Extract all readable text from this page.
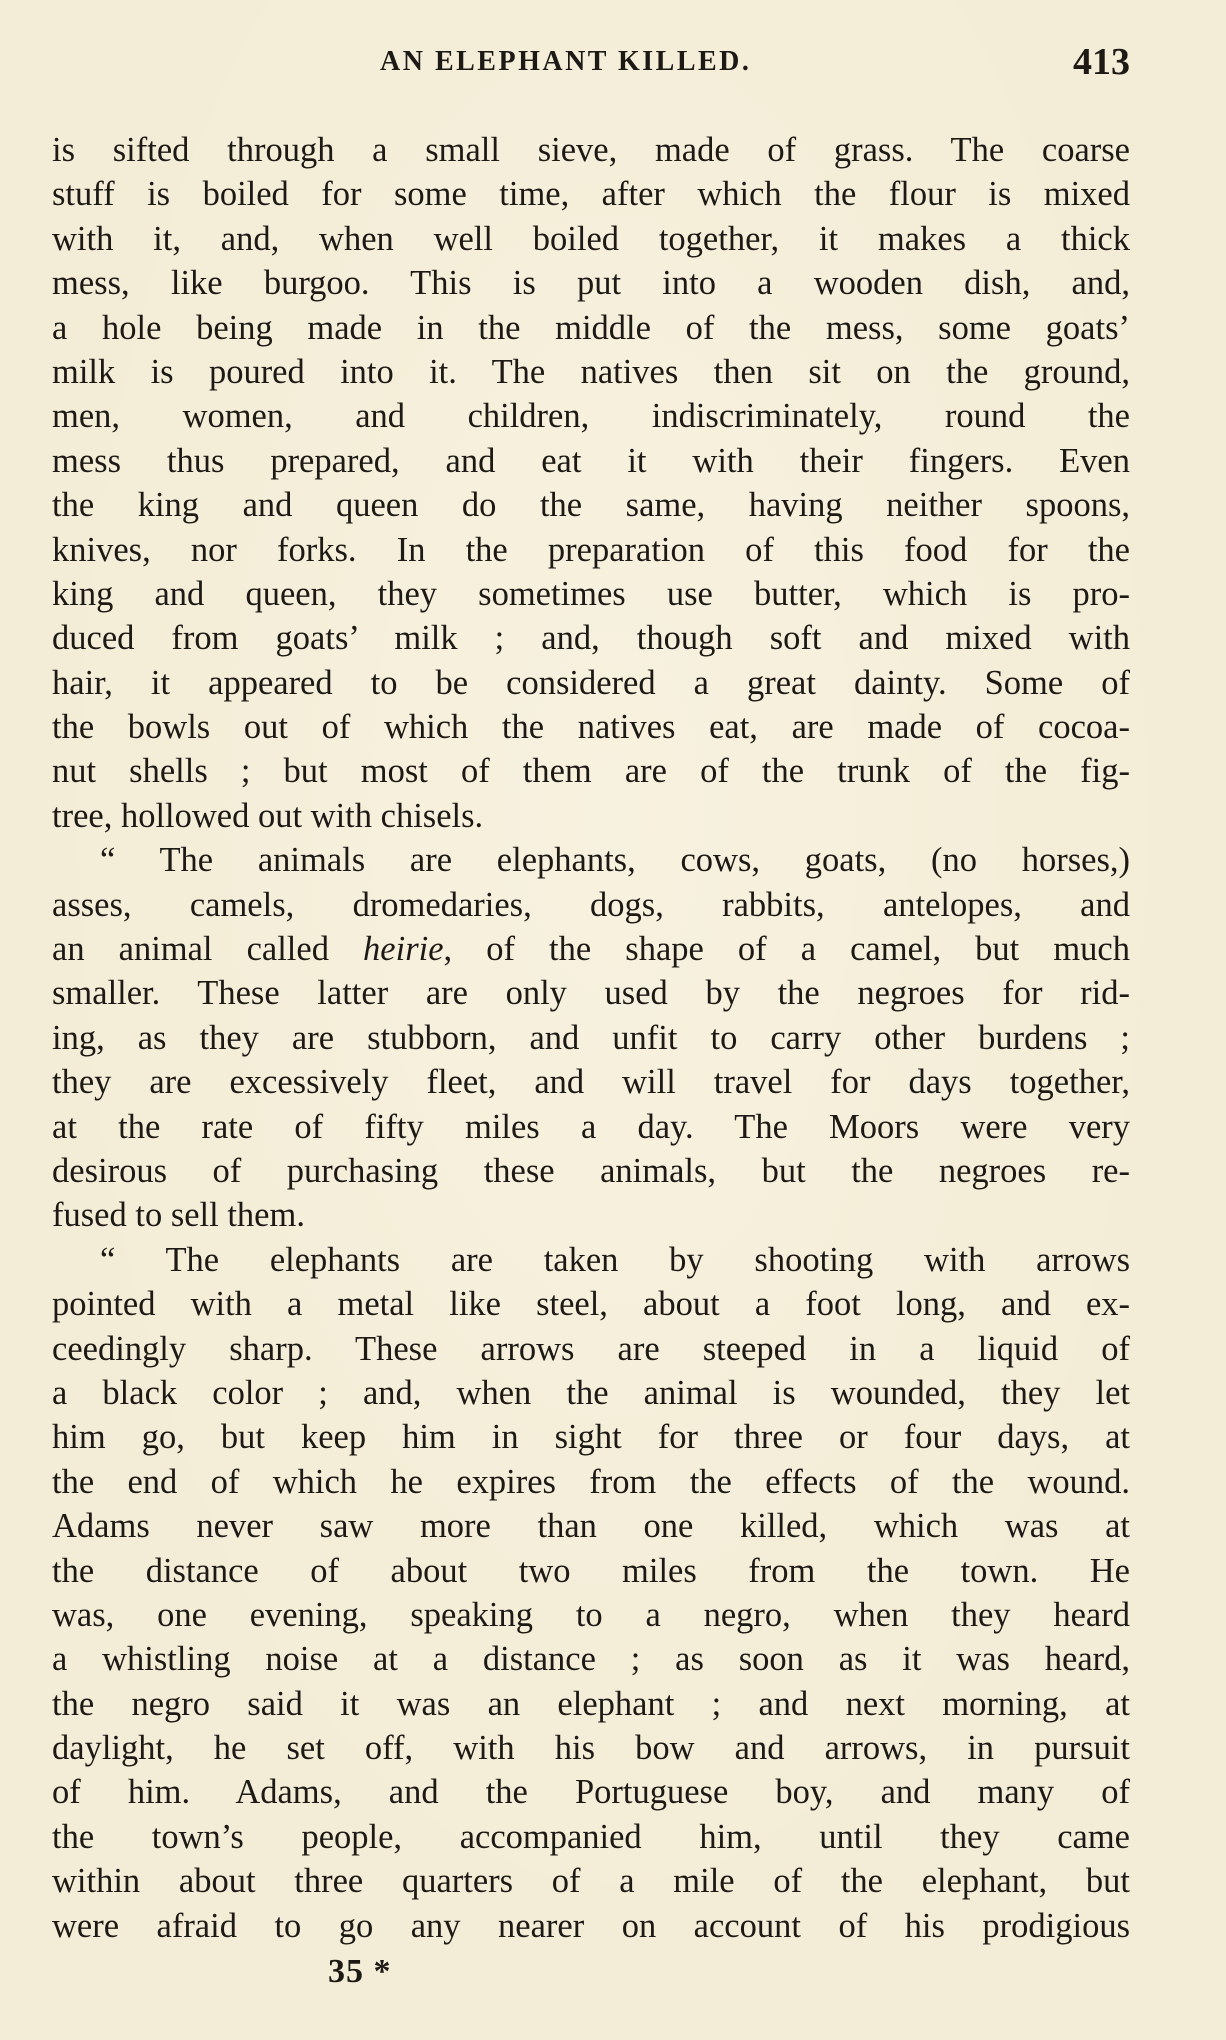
AN ELEPHANT KILLED.	413
is sifted through a small sieve, made of grass. The coarse
stuff is boiled for some time, after which the flour is mixed
with it, and, when well boiled together, it makes a thick
mess, like burgoo. This is put into a wooden dish, and,
a hole being made in the middle of the mess, some goats’
milk is poured into it. The natives then sit on the ground,
men, women, and children, indiscriminately, round the
mess thus prepared, and eat it with their fingers. Even
the king and queen do the same, having neither spoons,
knives, nor forks. In the preparation of this food for the
king and queen, they sometimes use butter, which is pro-
duced from goats’ milk ; and, though soft and mixed with
hair, it appeared to be considered a great dainty. Some of
the bowls out of which the natives eat, are made of cocoa-
nut shells ; but most of them are of the trunk of the fig-
tree, hollowed out with chisels.
“ The animals are elephants, cows, goats, (no horses,)
asses, camels, dromedaries, dogs, rabbits, antelopes, and
an animal called heirie, of the shape of a camel, but much
smaller. These latter are only used by the negroes for rid-
ing, as they are stubborn, and unfit to carry other burdens ;
they are excessively fleet, and will travel for days together,
at the rate of fifty miles a day. The Moors were very
desirous of purchasing these animals, but the negroes re-
fused to sell them.
“ The elephants are taken by shooting with arrows
pointed with a metal like steel, about a foot long, and ex-
ceedingly sharp. These arrows are steeped in a liquid of
a black color ; and, when the animal is wounded, they let
him go, but keep him in sight for three or four days, at
the end of which he expires from the effects of the wound.
Adams never saw more than one killed, which was at
the distance of about two miles from the town. He
was, one evening, speaking to a negro, when they heard
a whistling noise at a distance ; as soon as it was heard,
the negro said it was an elephant ; and next morning, at
daylight, he set off, with his bow and arrows, in pursuit
of him. Adams, and the Portuguese boy, and many of
the town’s people, accompanied him, until they came
within about three quarters of a mile of the elephant, but
were afraid to go any nearer on account of his prodigious
35 *
